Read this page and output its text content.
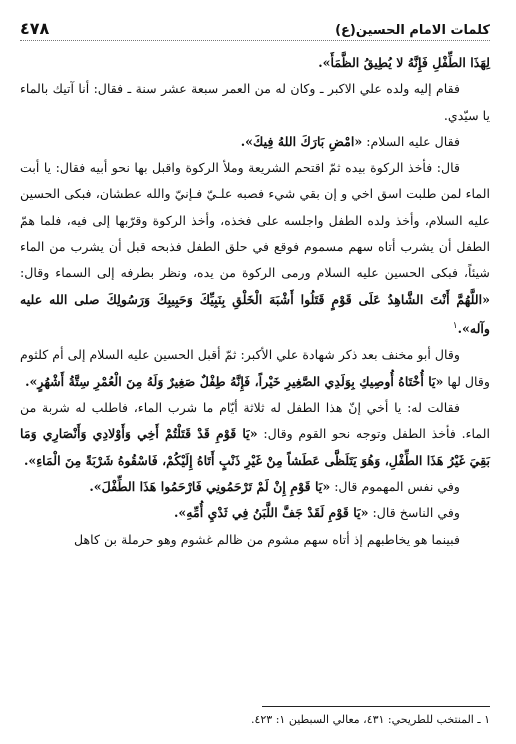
٤٧٨	كلمات الامام الحسين(ع)

لِهَذَا الطِّفْلِ فَإِنَّهُ لا يُطِيقُ الظَّمَأَ».

فقام إليه ولده علي الاكبر ـ وكان له من العمر سبعة عشر سنة ـ فقال: أنا آتيك بالماء يا سيّدي.

فقال عليه السلام: «امْضِ بَارَكَ اللهُ فِيكَ».

قال: فأخذ الركوة بيده ثمّ اقتحم الشريعة وملأ الركوة واقبل بها نحو أبيه فقال: يا أبت الماء لمن طلبت اسق اخي و إن بقي شيء فصبه علـيّ فـإنيّ والله عطشان، فبكى الحسين عليه السلام، وأخذ ولده الطفل واجلسه على فخذه، وأخذ الركوة وقرّبها إلى فيه، فلما همّ الطفل أن يشرب أتاه سهم مسموم فوقع في حلق الطفل فذبحه قبل أن يشرب من الماء شيئاً، فبكى الحسين عليه السلام ورمى الركوة من يده، ونظر بطرفه إلى السماء وقال: «اللَّهُمَّ أَنْتَ الشَّاهِدُ عَلَى قَوْمٍ قَتَلُوا أَشْبَهَ الْخَلْقِ بِنَبِيِّكَ وَحَبِيبِكَ وَرَسُولِكَ صلى الله عليه وآله».$^١$

وقال أبو مخنف بعد ذكر شهادة علي الأكبر: ثمّ أقبل الحسين عليه السلام إلى أم كلثوم وقال لها «يَا أُخْتَاهُ أُوصِيكِ بِوَلَدِي الصَّغِيرِ خَيْراً، فَإِنَّهُ طِفْلٌ صَغِيرٌ وَلَهُ مِنَ الْعُمْرِ سِتَّةُ أَشْهُرٍ».

فقالت له: يا أخي إنّ هذا الطفل له ثلاثة أيّام ما شرب الماء، فاطلب له شربة من الماء. فأخذ الطفل وتوجه نحو القوم وقال: «يَا قَوْمِ قَدْ قَتَلْتُمْ أَخِي وَأَوْلادِي وَأَنْصَارِي وَمَا بَقِيَ غَيْرُ هَذَا الطِّفْلِ، وَهُوَ يَتَلَظَّى عَطَشاً مِنْ غَيْرِ ذَنْبٍ أَتَاهُ إِلَيْكُمْ، فَاسْقُوهُ شَرْبَةً مِنَ الْمَاءِ».

وفي نفس المهموم قال: «يَا قَوْمِ إِنْ لَمْ تَرْحَمُونِي فَارْحَمُوا هَذَا الطِّفْلَ».

وفي الناسخ قال: «يَا قَوْمِ لَقَدْ جَفَّ اللَّبَنُ فِي ثَدْيِ أُمِّهِ».

فبينما هو يخاطبهم إذ أتاه سهم مشوم من ظالم غشوم وهو حرملة بن كاهل

١ ـ المنتخب للطريحي: ٤٣١، معالي السبطين ١: ٤٢٣.
